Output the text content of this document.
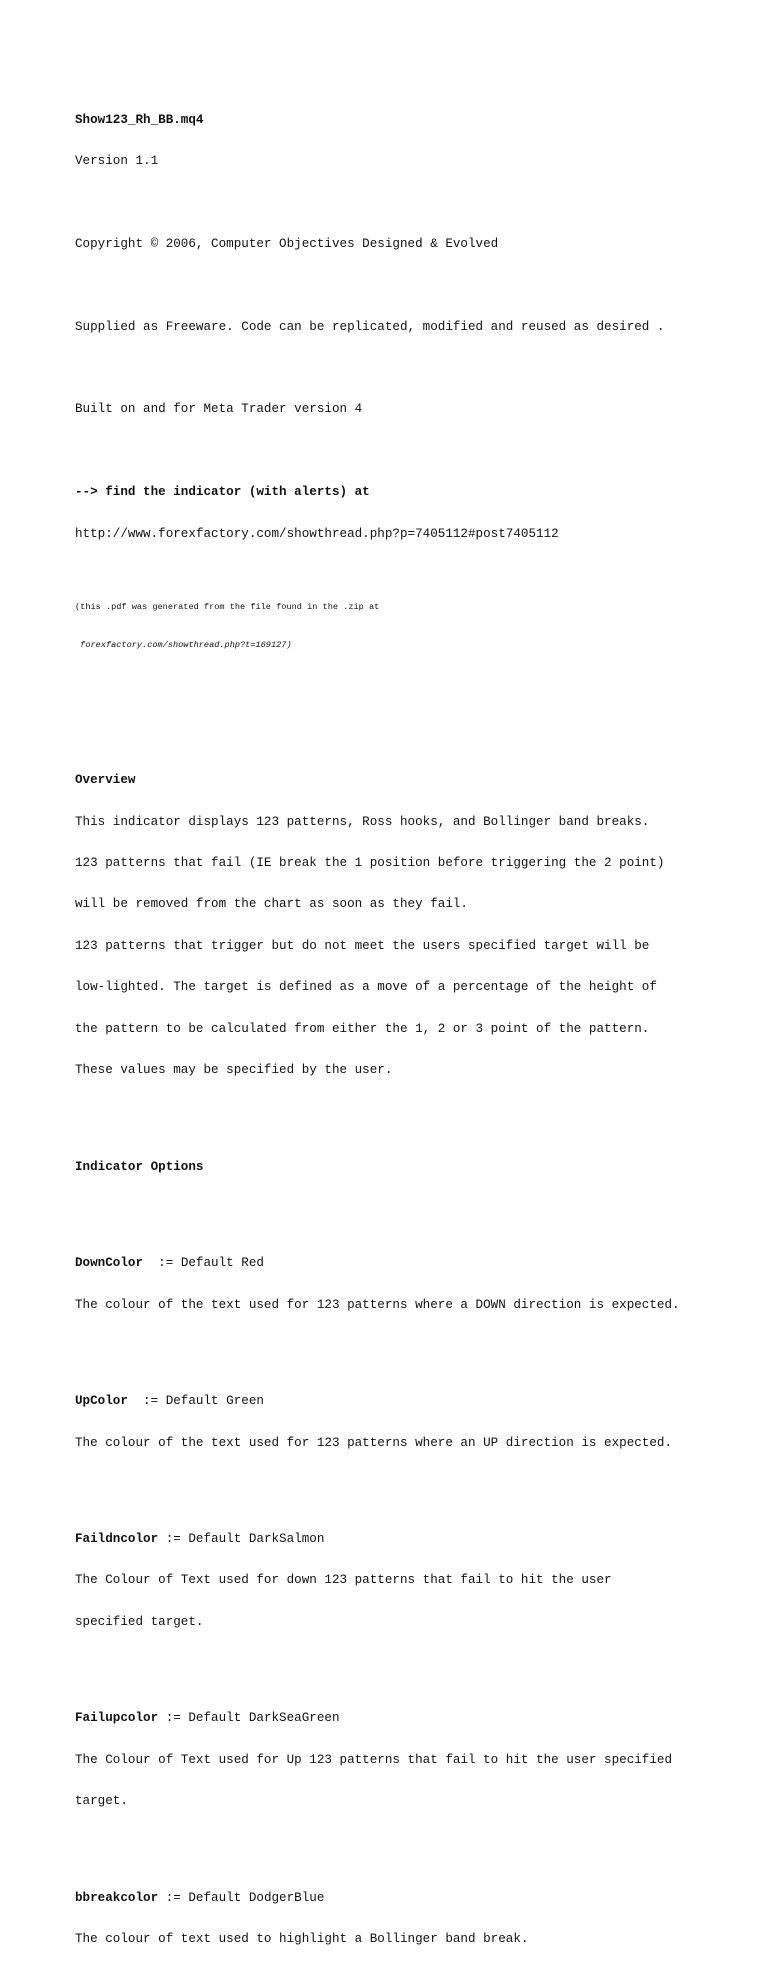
Show123_Rh_BB.mq4

Version 1.1

Copyright © 2006, Computer Objectives Designed & Evolved

Supplied as Freeware. Code can be replicated, modified and reused as desired .

Built on and for Meta Trader version 4

--> find the indicator (with alerts) at

http://www.forexfactory.com/showthread.php?p=7405112#post7405112

(this .pdf was generated from the file found in the .zip at

forexfactory.com/showthread.php?t=169127)

Overview

This indicator displays 123 patterns, Ross hooks, and Bollinger band breaks.

123 patterns that fail (IE break the 1 position before triggering the 2 point)

will be removed from the chart as soon as they fail.

123 patterns that trigger but do not meet the users specified target will be

low-lighted. The target is defined as a move of a percentage of the height of

the pattern to be calculated from either the 1, 2 or 3 point of the pattern.

These values may be specified by the user.

Indicator Options

DownColor  := Default Red

The colour of the text used for 123 patterns where a DOWN direction is expected.

UpColor  := Default Green

The colour of the text used for 123 patterns where an UP direction is expected.

Faildncolor := Default DarkSalmon

The Colour of Text used for down 123 patterns that fail to hit the user

specified target.

Failupcolor := Default DarkSeaGreen

The Colour of Text used for Up 123 patterns that fail to hit the user specified

target.

bbreakcolor := Default DodgerBlue

The colour of text used to highlight a Bollinger band break.
